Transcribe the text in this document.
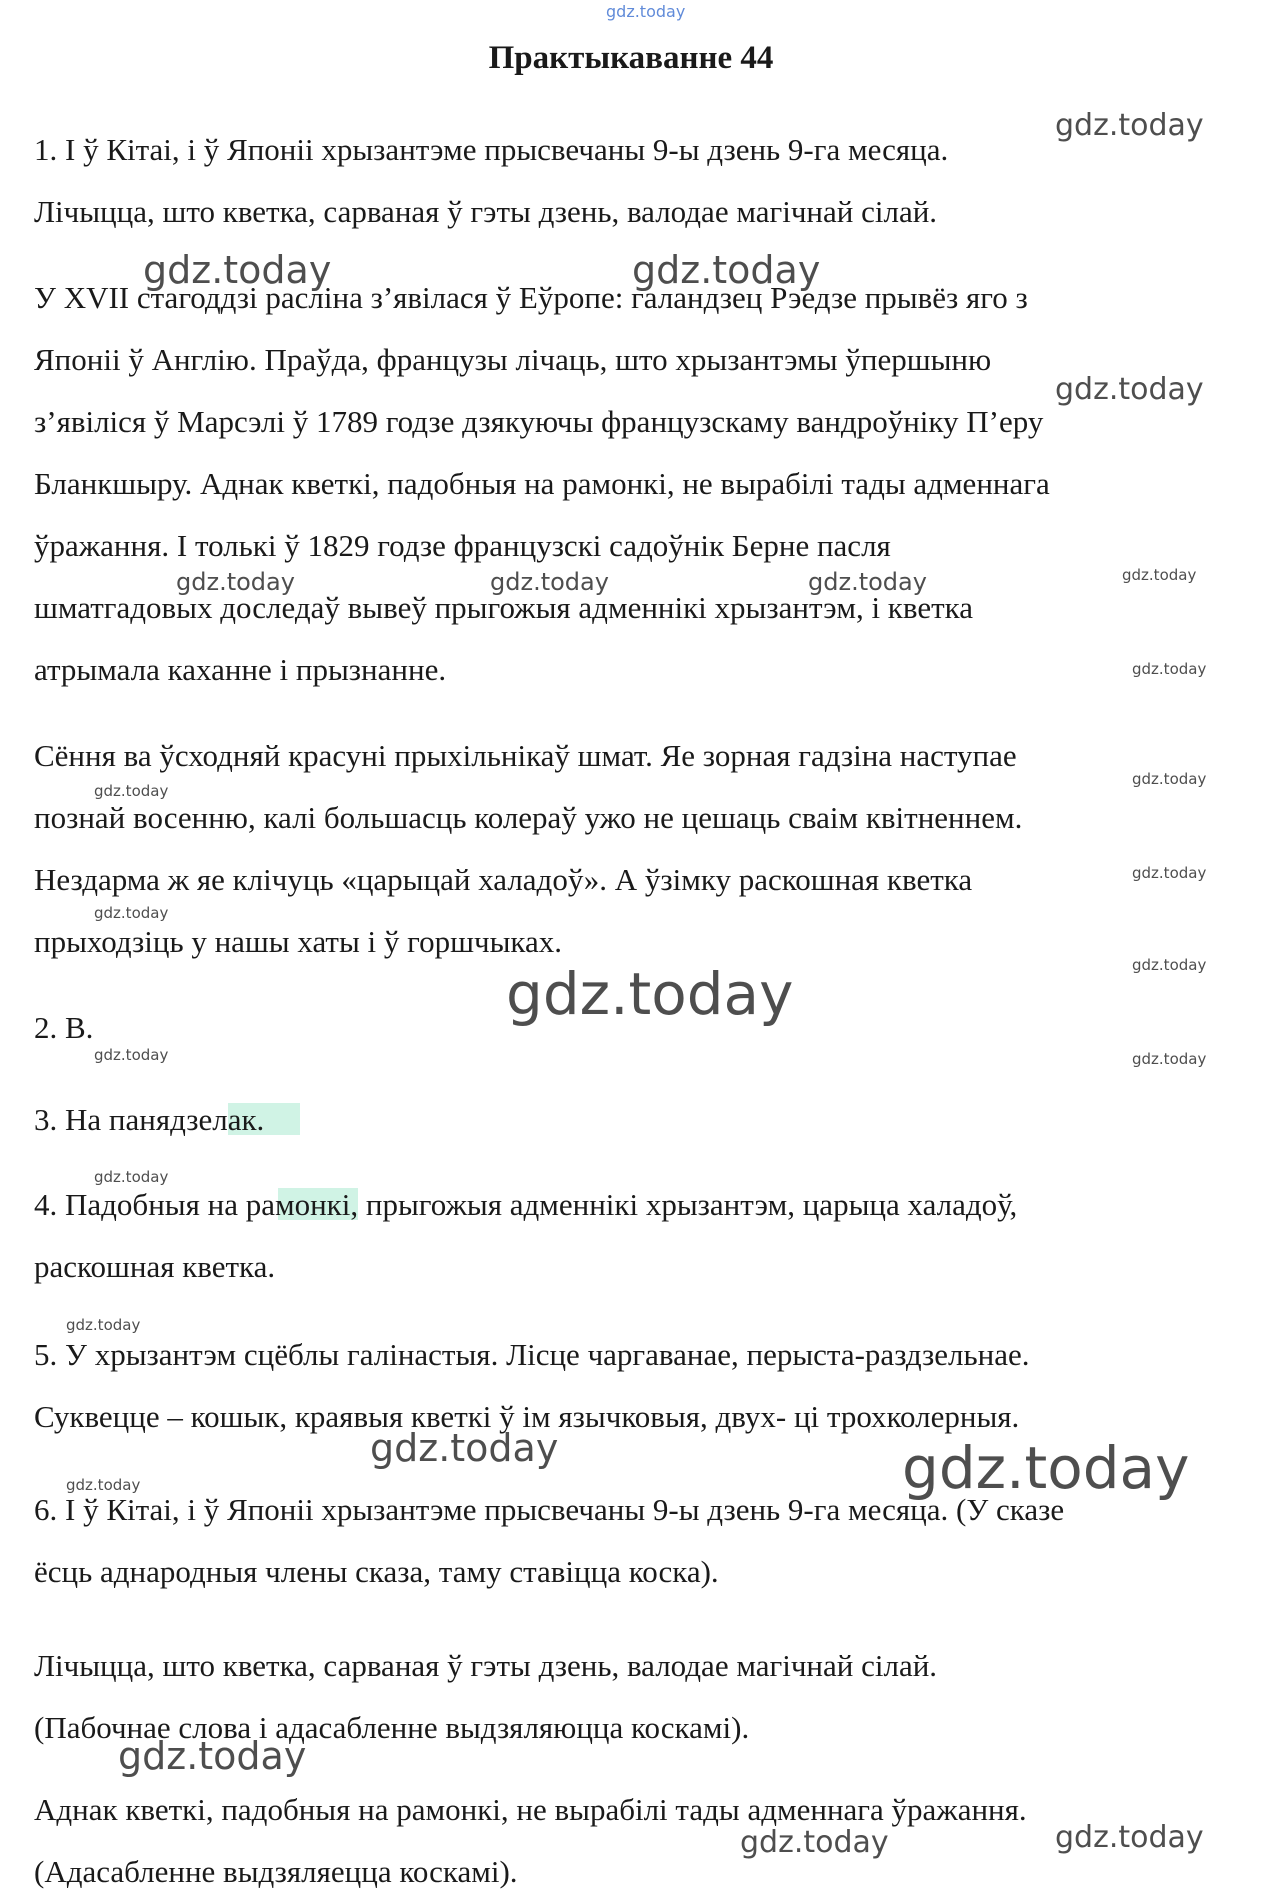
gdz.today
Практыкаванне 44

1. І ў Кітаі, і ў Японіі хрызантэме прысвечаны 9-ы дзень 9-га месяца.

Лічыцца, што кветка, сарваная ў гэты дзень, валодае магічнай сілай.

У XVII стагоддзі расліна з’явілася ў Еўропе: галандзец Рэедзе прывёз яго з

Японіі ў Англію. Праўда, французы лічаць, што хрызантэмы ўпершыню

з’явіліся ў Марсэлі ў 1789 годзе дзякуючы французскаму вандроўніку П’еру

Бланкшыру. Аднак кветкі, падобныя на рамонкі, не вырабілі тады адменнага

ўражання. І толькі ў 1829 годзе французскі садоўнік Берне пасля

шматгадовых доследаў вывеў прыгожыя адменнікі хрызантэм, і кветка

атрымала каханне і прызнанне.

Сёння ва ўсходняй красуні прыхільнікаў шмат. Яе зорная гадзіна наступае

познай восенню, калі большасць колераў ужо не цешаць сваім квітненнем.

Нездарма ж яе клічуць «царыцай халадоў». А ўзімку раскошная кветка

прыходзіць у нашы хаты і ў горшчыках.

2. В.

3. На панядзелак.

4. Падобныя на рамонкі, прыгожыя адменнікі хрызантэм, царыца халадоў,

раскошная кветка.

5. У хрызантэм сцёблы галінастыя. Лісце чаргаванае, перыста-раздзельнае.

Суквецце – кошык, краявыя кветкі ў ім язычковыя, двух- ці трохколерныя.

6. І ў Кітаі, і ў Японіі хрызантэме прысвечаны 9-ы дзень 9-га месяца. (У сказе

ёсць аднародныя члены сказа, таму ставіцца коска).

Лічыцца, што кветка, сарваная ў гэты дзень, валодае магічнай сілай.

(Пабочнае слова і адасабленне выдзяляюцца коскамі).

Аднак кветкі, падобныя на рамонкі, не вырабілі тады адменнага ўражання.

(Адасабленне выдзяляецца коскамі).

gdz.today
gdz.today	gdz.today
gdz.today
gdz.today	gdz.today	gdz.today	gdz.today
gdz.today
gdz.today
gdz.today
gdz.today
gdz.today
gdz.today
gdz.today
gdz.today	gdz.today
gdz.today
gdz.today
gdz.today	gdz.today
gdz.today
gdz.today
gdz.today	gdz.today
